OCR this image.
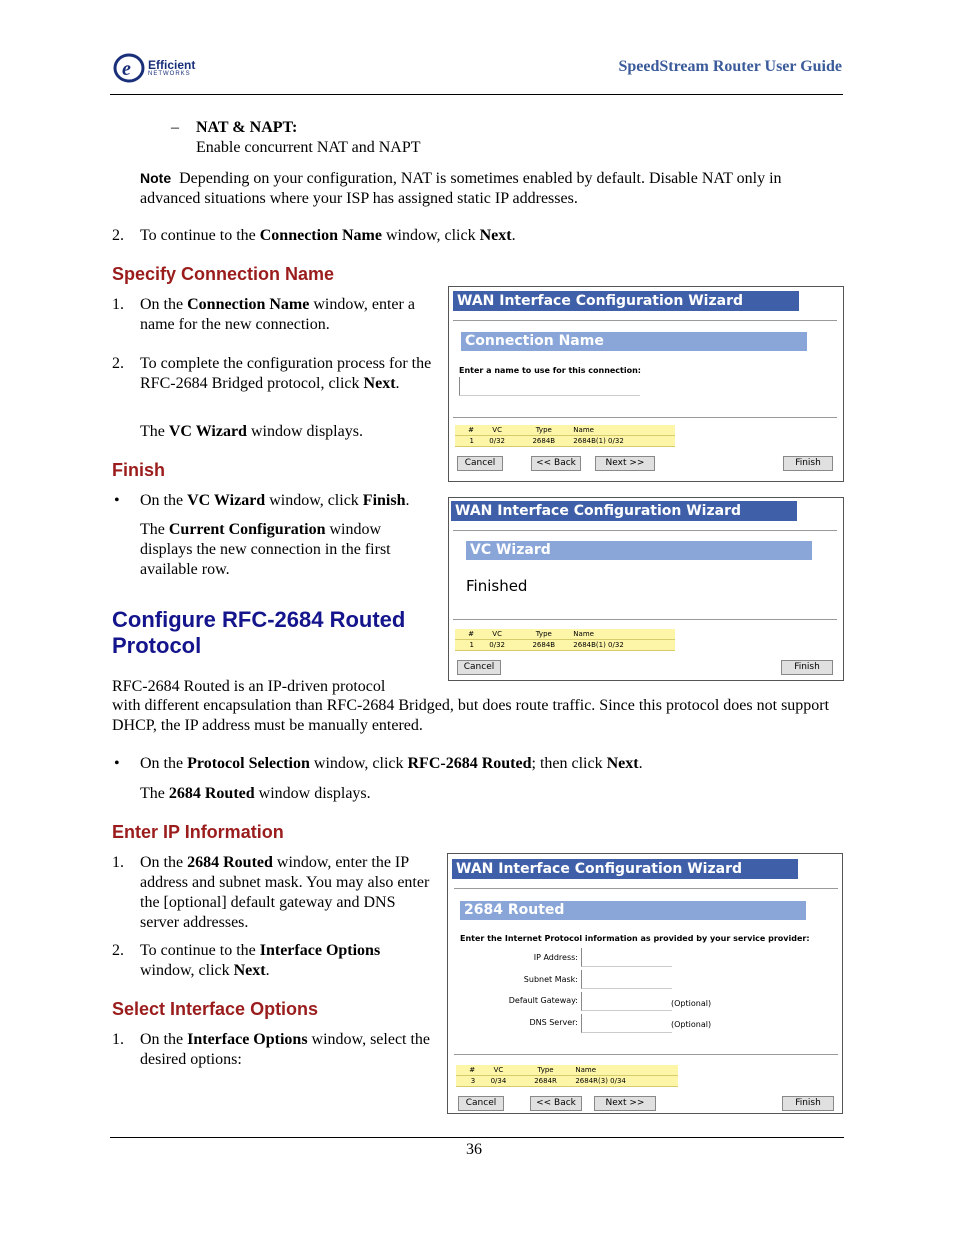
e Efficient
NETWORKS	SpeedStream Router User Guide
– NAT & NAPT:
Enable concurrent NAT and NAPT
Note Depending on your configuration, NAT is sometimes enabled by default. Disable NAT only in advanced situations where your ISP has assigned static IP addresses.
2. To continue to the Connection Name window, click Next.
Specify Connection Name
1. On the Connection Name window, enter a name for the new connection.
2. To complete the configuration process for the RFC-2684 Bridged protocol, click Next.
The VC Wizard window displays.
Finish
• On the VC Wizard window, click Finish.
The Current Configuration window displays the new connection in the first available row.
Configure RFC-2684 Routed
Protocol
RFC-2684 Routed is an IP-driven protocol
with different encapsulation than RFC-2684 Bridged, but does route traffic. Since this protocol does not support DHCP, the IP address must be manually entered.
• On the Protocol Selection window, click RFC-2684 Routed; then click Next.
The 2684 Routed window displays.
Enter IP Information
1. On the 2684 Routed window, enter the IP address and subnet mask. You may also enter the [optional] default gateway and DNS server addresses.
2. To continue to the Interface Options window, click Next.
Select Interface Options
1. On the Interface Options window, select the desired options:
WAN Interface Configuration Wizard
Connection Name
Enter a name to use for this connection:
#	VC	Type	Name
1	0/32	2684B	2684B(1) 0/32
Cancel	<< Back	Next >>	Finish
WAN Interface Configuration Wizard
VC Wizard
Finished
#	VC	Type	Name
1	0/32	2684B	2684B(1) 0/32
Cancel	Finish
WAN Interface Configuration Wizard
2684 Routed
Enter the Internet Protocol information as provided by your service provider:
IP Address:
Subnet Mask:
Default Gateway:	(Optional)
DNS Server:	(Optional)
#	VC	Type	Name
3	0/34	2684R	2684R(3) 0/34
Cancel	<< Back	Next >>	Finish
36
